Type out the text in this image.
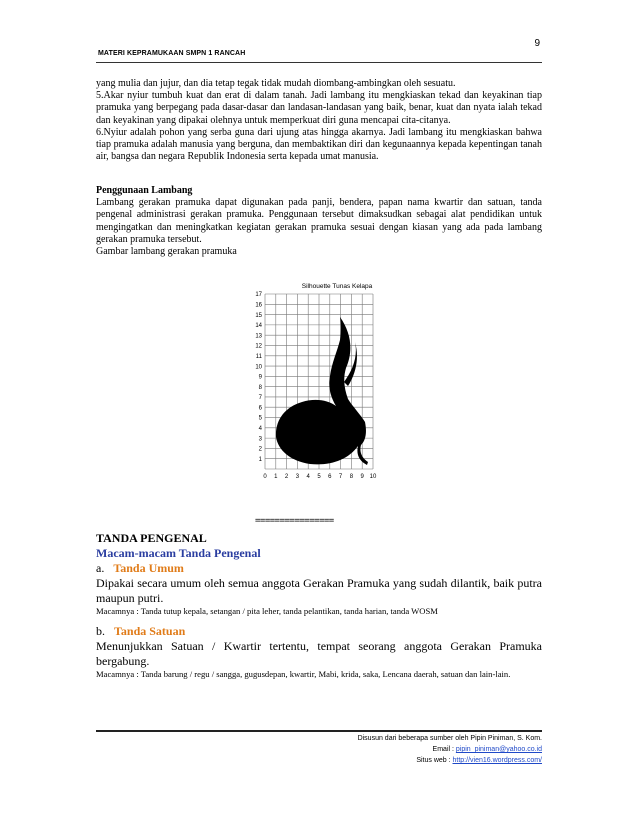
9
MATERI KEPRAMUKAAN SMPN 1 RANCAH

yang mulia dan jujur, dan dia tetap tegak tidak mudah diombang-ambingkan oleh sesuatu.

5.Akar nyiur tumbuh kuat dan erat di dalam tanah. Jadi lambang itu mengkiaskan tekad dan keyakinan tiap pramuka yang berpegang pada dasar-dasar dan landasan-landasan yang baik, benar, kuat dan nyata ialah tekad dan keyakinan yang dipakai olehnya untuk memperkuat diri guna mencapai cita-citanya.

6.Nyiur adalah pohon yang serba guna dari ujung atas hingga akarnya. Jadi lambang itu mengkiaskan bahwa tiap pramuka adalah manusia yang berguna, dan membaktikan diri dan kegunaannya kepada kepentingan tanah air, bangsa dan negara Republik Indonesia serta kepada umat manusia.

Penggunaan Lambang

Lambang gerakan pramuka dapat digunakan pada panji, bendera, papan nama kwartir dan satuan, tanda pengenal administrasi gerakan pramuka. Penggunaan tersebut dimaksudkan sebagai alat pendidikan untuk mengingatkan dan meningkatkan kegiatan gerakan pramuka sesuai dengan kiasan yang ada pada lambang gerakan pramuka tersebut.

Gambar lambang gerakan pramuka

Silhouette Tunas Kelapa
1
2
3
4
5
6
7
8
9
10
11
12
13
14
15
16
17
0 1 2 3 4 5 6 7 8 9 10
================

TANDA PENGENAL

Macam-macam Tanda Pengenal

a. Tanda Umum

Dipakai secara umum oleh semua anggota Gerakan Pramuka yang sudah dilantik, baik putra maupun putri.

Macamnya : Tanda tutup kepala, setangan / pita leher, tanda pelantikan, tanda harian, tanda WOSM

b. Tanda Satuan

Menunjukkan Satuan / Kwartir tertentu, tempat seorang anggota Gerakan Pramuka bergabung.

Macamnya : Tanda barung / regu / sangga, gugusdepan, kwartir, Mabi, krida, saka, Lencana daerah, satuan dan lain-lain.

Disusun dari beberapa sumber oleh Pipin Piniman, S. Kom.
Email : pipin_piniman@yahoo.co.id
Situs web : http://vien16.wordpress.com/
